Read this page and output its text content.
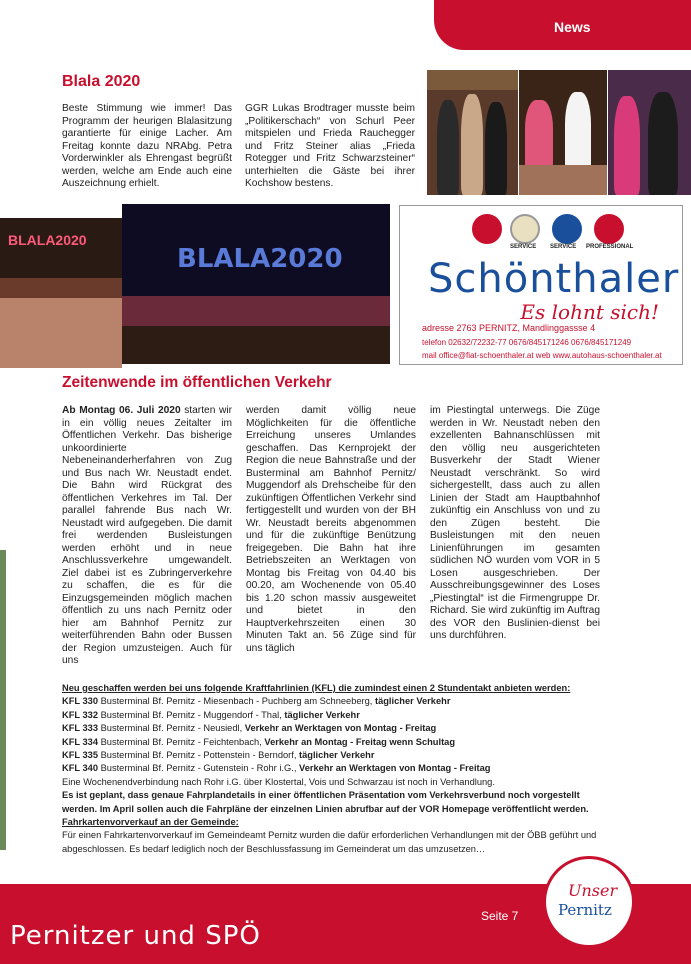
News
Blala 2020
Beste Stimmung wie immer! Das Programm der heurigen Blalasitzung garantierte für einige Lacher. Am Freitag konnte dazu NRAbg. Petra Vorderwinkler als Ehrengast begrüßt werden, welche am Ende auch eine Auszeichnung erhielt.
GGR Lukas Brodtrager musste beim „Politikerschach“ von Schurl Peer mitspielen und Frieda Rauchegger und Fritz Steiner alias „Frieda Rotegger und Fritz Schwarzsteiner“ unterhielten die Gäste bei ihrer Kochshow bestens.
BLALA2020
BLALA2020	SERVICE SERVICE PROFESSIONAL
Schönthaler
Es lohnt sich!
adresse 2763 PERNITZ, Mandlinggassse 4
telefon 02632/72232-77 0676/845171246 0676/845171249
mail office@fiat-schoenthaler.at web www.autohaus-schoenthaler.at
Zeitenwende im öffentlichen Verkehr
Ab Montag 06. Juli 2020 starten wir in ein völlig neues Zeitalter im Öffentlichen Verkehr. Das bisherige unkoordinierte Nebeneinanderherfahren von Zug und Bus nach Wr. Neustadt endet. Die Bahn wird Rückgrat des öffentlichen Verkehres im Tal. Der parallel fahrende Bus nach Wr. Neustadt wird aufgegeben. Die damit frei werdenden Busleistungen werden erhöht und in neue Anschlussverkehre umgewandelt. Ziel dabei ist es Zubringerverkehre zu schaffen, die es für die Einzugsgemeinden möglich machen öffentlich zu uns nach Pernitz oder hier am Bahnhof Pernitz zur weiterführenden Bahn oder Bussen der Region umzusteigen. Auch für uns
werden damit völlig neue Möglichkeiten für die öffentliche Erreichung unseres Umlandes geschaffen. Das Kernprojekt der Region die neue Bahnstraße und der Busterminal am Bahnhof Pernitz/ Muggendorf als Drehscheibe für den zukünftigen Öffentlichen Verkehr sind fertiggestellt und wurden von der BH Wr. Neustadt bereits abgenommen und für die zukünftige Benützung freigegeben. Die Bahn hat ihre Betriebszeiten an Werktagen von Montag bis Freitag von 04.40 bis 00.20, am Wochenende von 05.40 bis 1.20 schon massiv ausgeweitet und bietet in den Hauptverkehrszeiten einen 30 Minuten Takt an. 56 Züge sind für uns täglich
im Piestingtal unterwegs. Die Züge werden in Wr. Neustadt neben den exzellenten Bahnanschlüssen mit den völlig neu ausgerichteten Busverkehr der Stadt Wiener Neustadt verschränkt. So wird sichergestellt, dass auch zu allen Linien der Stadt am Hauptbahnhof zukünftig ein Anschluss von und zu den Zügen besteht. Die Busleistungen mit den neuen Linienführungen im gesamten südlichen NÖ wurden vom VOR in 5 Losen ausgeschrieben. Der Ausschreibungsgewinner des Loses „Piestingtal“ ist die Firmengruppe Dr. Richard. Sie wird zukünftig im Auftrag des VOR den Buslinien-dienst bei uns durchführen.
Neu geschaffen werden bei uns folgende Kraftfahrlinien (KFL) die zumindest einen 2 Stundentakt anbieten werden:
KFL 330 Busterminal Bf. Pernitz - Miesenbach - Puchberg am Schneeberg, täglicher Verkehr
KFL 332 Busterminal Bf. Pernitz - Muggendorf - Thal, täglicher Verkehr
KFL 333 Busterminal Bf. Pernitz - Neusiedl, Verkehr an Werktagen von Montag - Freitag
KFL 334 Busterminal Bf. Pernitz - Feichtenbach, Verkehr an Montag - Freitag wenn Schultag
KFL 335 Busterminal Bf. Pernitz - Pottenstein - Berndorf, täglicher Verkehr
KFL 340 Busterminal Bf. Pernitz - Gutenstein - Rohr i.G., Verkehr an Werktagen von Montag - Freitag
Eine Wochenendverbindung nach Rohr i.G. über Klostertal, Vois und Schwarzau ist noch in Verhandlung.
Es ist geplant, dass genaue Fahrplandetails in einer öffentlichen Präsentation vom Verkehrsverbund noch vorgestellt werden. Im April sollen auch die Fahrpläne der einzelnen Linien abrufbar auf der VOR Homepage veröffentlicht werden.
Fahrkartenvorverkauf an der Gemeinde:
Für einen Fahrkartenvorverkauf im Gemeindeamt Pernitz wurden die dafür erforderlichen Verhandlungen mit der ÖBB geführt und abgeschlossen. Es bedarf lediglich noch der Beschlussfassung im Gemeinderat um das umzusetzen…
Pernitzer und SPÖ
Seite 7
Unser
Pernitz
